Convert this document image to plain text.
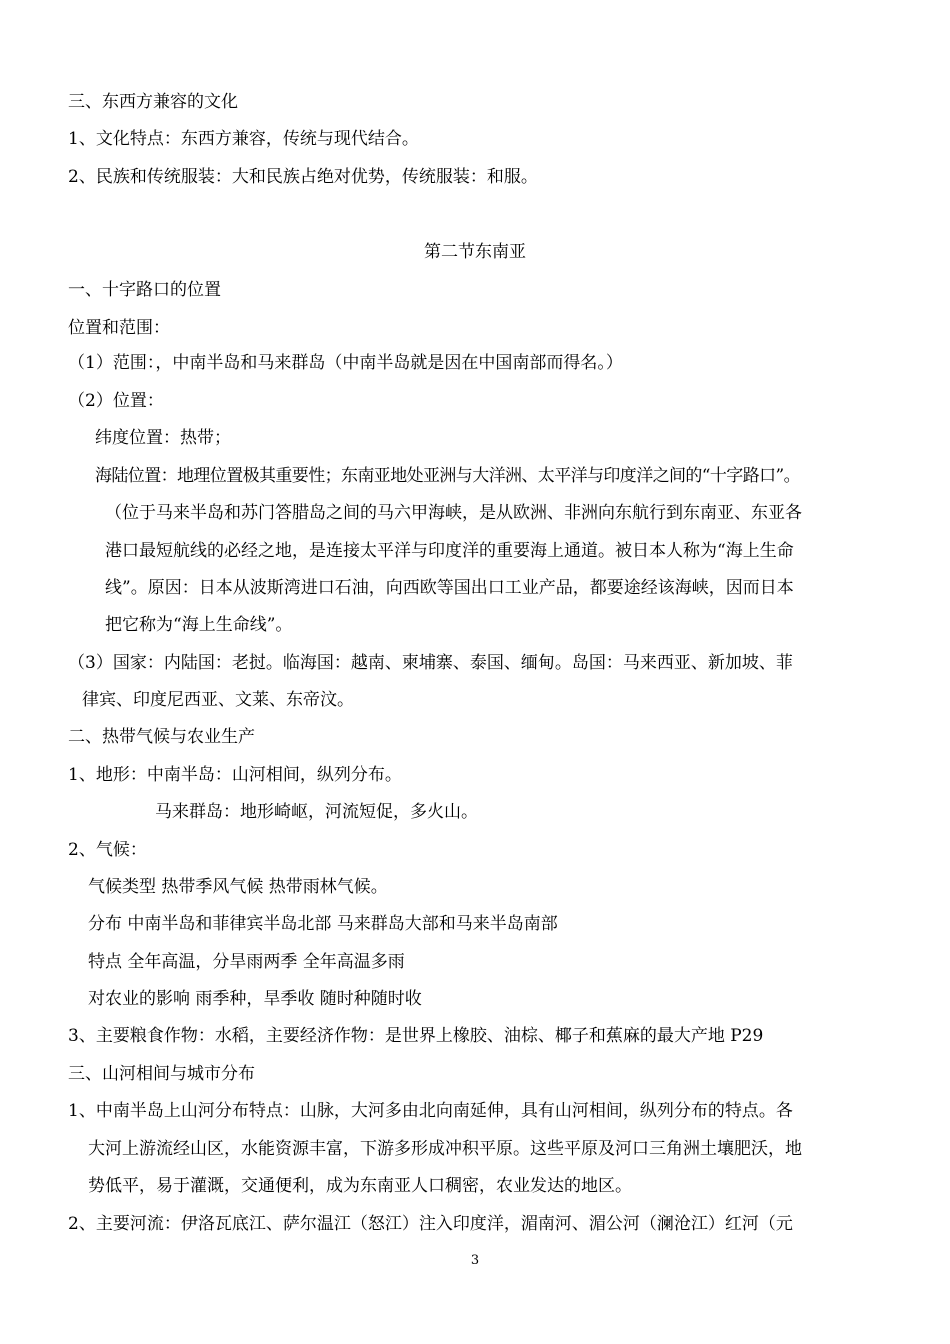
三、东西方兼容的文化
1、文化特点：东西方兼容，传统与现代结合。
2、民族和传统服装：大和民族占绝对优势，传统服装：和服。
第二节东南亚
一、十字路口的位置
位置和范围：
（1）范围：，中南半岛和马来群岛（中南半岛就是因在中国南部而得名。）
（2）位置：
纬度位置：热带；
海陆位置：地理位置极其重要性；东南亚地处亚洲与大洋洲、太平洋与印度洋之间的“十字路口”。
（位于马来半岛和苏门答腊岛之间的马六甲海峡，是从欧洲、非洲向东航行到东南亚、东亚各
港口最短航线的必经之地，是连接太平洋与印度洋的重要海上通道。被日本人称为“海上生命
线”。原因：日本从波斯湾进口石油，向西欧等国出口工业产品，都要途经该海峡，因而日本
把它称为“海上生命线”。
（3）国家：内陆国：老挝。临海国：越南、柬埔寨、泰国、缅甸。岛国：马来西亚、新加坡、菲
律宾、印度尼西亚、文莱、东帝汶。
二、热带气候与农业生产
1、地形：中南半岛：山河相间，纵列分布。
马来群岛：地形崎岖，河流短促，多火山。
2、气候：
气候类型 热带季风气候 热带雨林气候。
分布 中南半岛和菲律宾半岛北部 马来群岛大部和马来半岛南部
特点 全年高温，分旱雨两季 全年高温多雨
对农业的影响 雨季种，旱季收 随时种随时收
3、主要粮食作物：水稻，主要经济作物：是世界上橡胶、油棕、椰子和蕉麻的最大产地 P29
三、山河相间与城市分布
1、中南半岛上山河分布特点：山脉，大河多由北向南延伸，具有山河相间，纵列分布的特点。各
大河上游流经山区，水能资源丰富，下游多形成冲积平原。这些平原及河口三角洲土壤肥沃，地
势低平，易于灌溉，交通便利，成为东南亚人口稠密，农业发达的地区。
2、主要河流：伊洛瓦底江、萨尔温江（怒江）注入印度洋，湄南河、湄公河（澜沧江）红河（元
3
